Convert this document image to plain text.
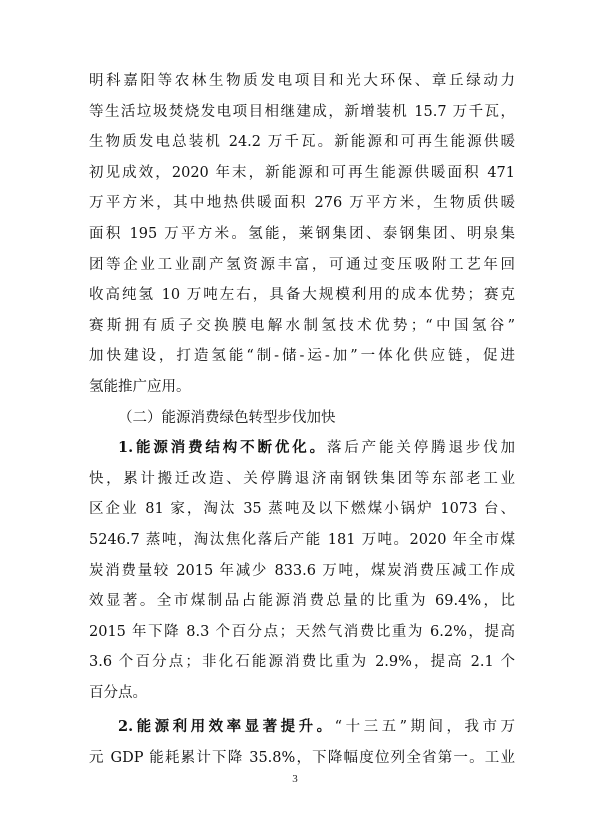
明科嘉阳等农林生物质发电项目和光大环保、章丘绿动力
等生活垃圾焚烧发电项目相继建成，新增装机 15.7 万千瓦，
生物质发电总装机 24.2 万千瓦。新能源和可再生能源供暖
初见成效，2020 年末，新能源和可再生能源供暖面积 471
万平方米，其中地热供暖面积 276 万平方米，生物质供暖
面积 195 万平方米。氢能，莱钢集团、泰钢集团、明泉集
团等企业工业副产氢资源丰富，可通过变压吸附工艺年回
收高纯氢 10 万吨左右，具备大规模利用的成本优势；赛克
赛斯拥有质子交换膜电解水制氢技术优势；“中国氢谷”
加快建设，打造氢能“制-储-运-加”一体化供应链，促进
氢能推广应用。
（二）能源消费绿色转型步伐加快
1.能源消费结构不断优化。落后产能关停腾退步伐加
快，累计搬迁改造、关停腾退济南钢铁集团等东部老工业
区企业 81 家，淘汰 35 蒸吨及以下燃煤小锅炉 1073 台、
5246.7 蒸吨，淘汰焦化落后产能 181 万吨。2020 年全市煤
炭消费量较 2015 年减少 833.6 万吨，煤炭消费压减工作成
效显著。全市煤制品占能源消费总量的比重为 69.4%，比
2015 年下降 8.3 个百分点；天然气消费比重为 6.2%，提高
3.6 个百分点；非化石能源消费比重为 2.9%，提高 2.1 个
百分点。
2.能源利用效率显著提升。“十三五”期间，我市万
元 GDP 能耗累计下降 35.8%，下降幅度位列全省第一。工业
3
